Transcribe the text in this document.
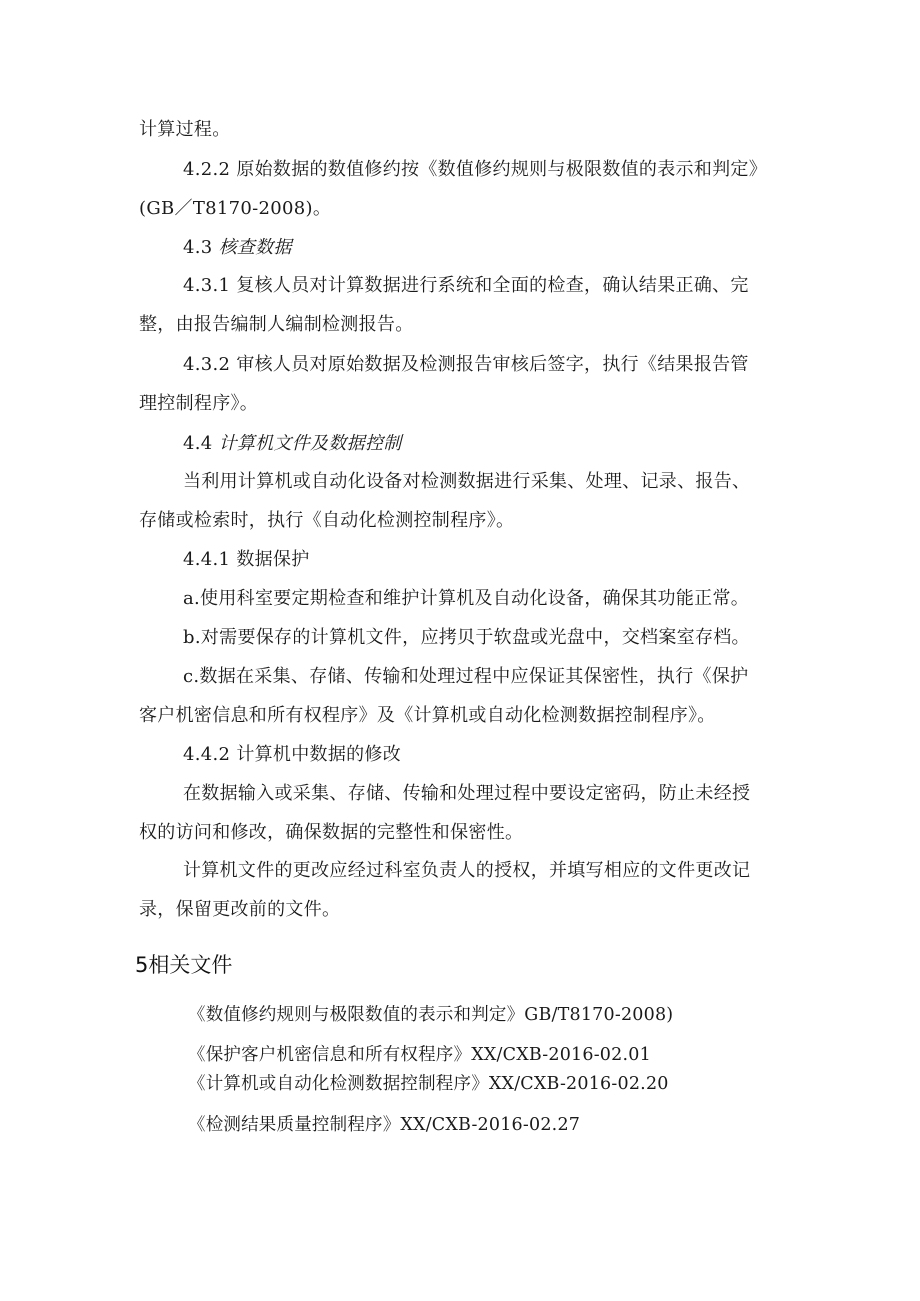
计算过程。
4.2.2 原始数据的数值修约按《数值修约规则与极限数值的表示和判定》
(GB／T8170-2008)。
4.3 核查数据
4.3.1 复核人员对计算数据进行系统和全面的检查，确认结果正确、完
整，由报告编制人编制检测报告。
4.3.2 审核人员对原始数据及检测报告审核后签字，执行《结果报告管
理控制程序》。
4.4 计算机文件及数据控制
当利用计算机或自动化设备对检测数据进行采集、处理、记录、报告、
存储或检索时，执行《自动化检测控制程序》。
4.4.1 数据保护
a.使用科室要定期检查和维护计算机及自动化设备，确保其功能正常。
b.对需要保存的计算机文件，应拷贝于软盘或光盘中，交档案室存档。
c.数据在采集、存储、传输和处理过程中应保证其保密性，执行《保护
客户机密信息和所有权程序》及《计算机或自动化检测数据控制程序》。
4.4.2 计算机中数据的修改
在数据输入或采集、存储、传输和处理过程中要设定密码，防止未经授
权的访问和修改，确保数据的完整性和保密性。
计算机文件的更改应经过科室负责人的授权，并填写相应的文件更改记
录，保留更改前的文件。
5相关文件
《数值修约规则与极限数值的表示和判定》GB/T8170-2008)
《保护客户机密信息和所有权程序》XX/CXB-2016-02.01
《计算机或自动化检测数据控制程序》XX/CXB-2016-02.20
《检测结果质量控制程序》XX/CXB-2016-02.27
